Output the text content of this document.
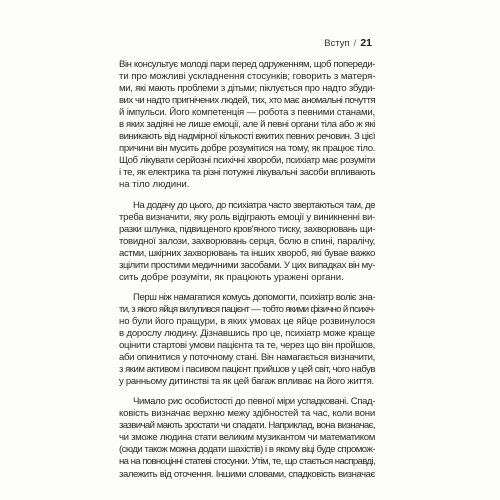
Вступ / 21
Він консультує молоді пари перед одруженням, щоб попереди-
ти про можливі ускладнення стосунків; говорить з матеря-
ми, які мають проблеми з дітьми; піклується про надто збуди-
вих чи надто пригнічених людей, тих, хто має аномальні почуття
й імпульси. Його компетенція — робота з певними станами,
в яких задіяні не лише емоції, але й певні органи тіла або ж які
виникають від надмірної кількості вжитих певних речовин. З цієї
причини він мусить добре розумітися на тому, як працює тіло.
Щоб лікувати серйозні психічні хвороби, психіатр має розуміти
і те, як електрика та різні потужні лікувальні засоби впливають
на тіло людини.
На додачу до цього, до психіатра часто звертаються там, де
треба визначити, яку роль відіграють емоції у виникненні ви-
разки шлунка, підвищеного кров'яного тиску, захворювань щи-
товидної залози, захворювань серця, болю в спині, паралічу,
астми, шкірних захворювань та інших хвороб, які бувае важко
зцілити простими медичними засобами. У цих випадках він му-
сить добре розуміти, як працюють уражені органи.
Перш ніж намагатися комусь допомогти, психіатр воліє зна-
ти, з якого яйця вилупився пацієнт — тобто якими фізично й психіч-
но були його пращури, в яких умовах це яйце розвинулося
в дорослу людину. Дізнавшись про це, психіатр може краще
оцінити стартові умови пацієнта та те, через що він пройшов,
аби опинитися у поточному стані. Він намагається визначити,
з яким активом і пасивом пацієнт прийшов у цей світ, чого набув
у ранньому дитинстві та як цей багаж впливає на його життя.
Чимало рис особистості до певної міри успадковані. Спад-
ковість визначає верхню межу здібностей та час, коли вони
зазвичай мають зростати чи спадати. Наприклад, вона визначає,
чи зможе людина стати великим музикантом чи математиком
(сюди також можна додати шахістів) і в якому віці буде спромож-
на на повноцінні статеві стосунки. Утім, те, що стається насправді,
залежить від оточення. Іншими словами, спадковість визначає
